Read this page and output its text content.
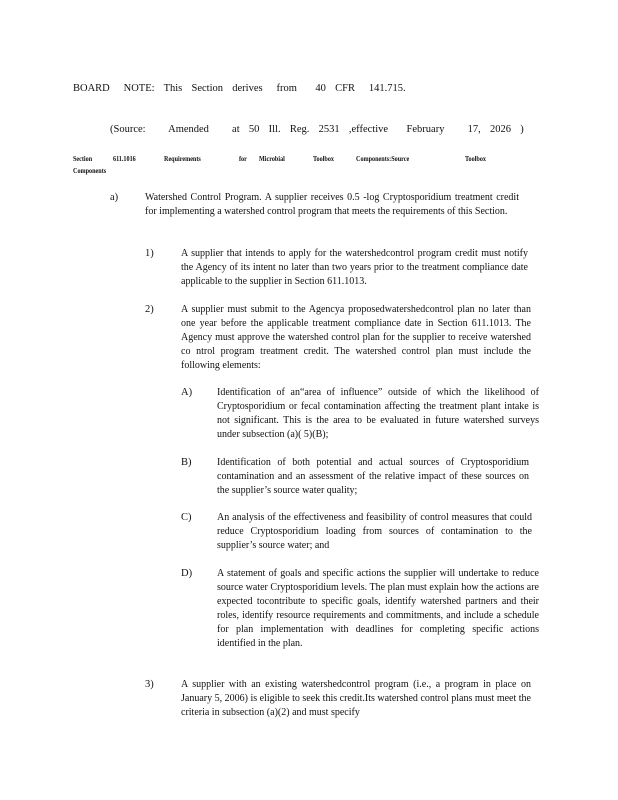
BOARD   NOTE:  This  Section  derives   from    40  CFR   141.715.
(Source:     Amended     at  50  Ill.  Reg.  2531  ,effective    February     17,  2026  )
Section	611.1016	Requirements	for Microbial	Toolbox	Components:Source	Toolbox
Components
a)	Watershed Control Program. A supplier receives 0.5 -log Cryptosporidium treatment credit for implementing a watershed control program that meets the requirements of this Section.
1)	A supplier that intends to apply for the watershedcontrol program credit must notify the Agency of its intent no later than two years prior to the treatment compliance date applicable to the supplier in Section 611.1013.
2)	A supplier must submit to the Agencya proposedwatershedcontrol plan no later than one year before the applicable treatment compliance date in Section 611.1013. The Agency must approve the watershed control plan for the supplier to receive watershed co ntrol program treatment credit. The watershed control plan must include the following elements:
A) Identification of an“area of influence” outside of which the likelihood of Cryptosporidium or fecal contamination affecting the treatment plant intake is not significant. This is the area to be evaluated in future watershed surveys under subsection (a)( 5)(B);
B)	Identification of both potential and actual sources of Cryptosporidium contamination and an assessment of the relative impact of these sources on the supplier’s source water quality;
C)	An analysis of the effectiveness and feasibility of control measures that could reduce Cryptosporidium loading from sources of contamination to the supplier’s source water; and
D) A statement of goals and specific actions the supplier will undertake to reduce source water Cryptosporidium levels. The plan must explain how the actions are expected tocontribute to specific goals, identify watershed partners and their roles, identify resource requirements and commitments, and include a schedule for plan implementation with deadlines for completing specific actions identified in the plan.
3)	A supplier with an existing watershedcontrol program (i.e., a program in place on January 5, 2006) is eligible to seek this credit.Its watershed control plans must meet the criteria in subsection (a)(2) and must specify
